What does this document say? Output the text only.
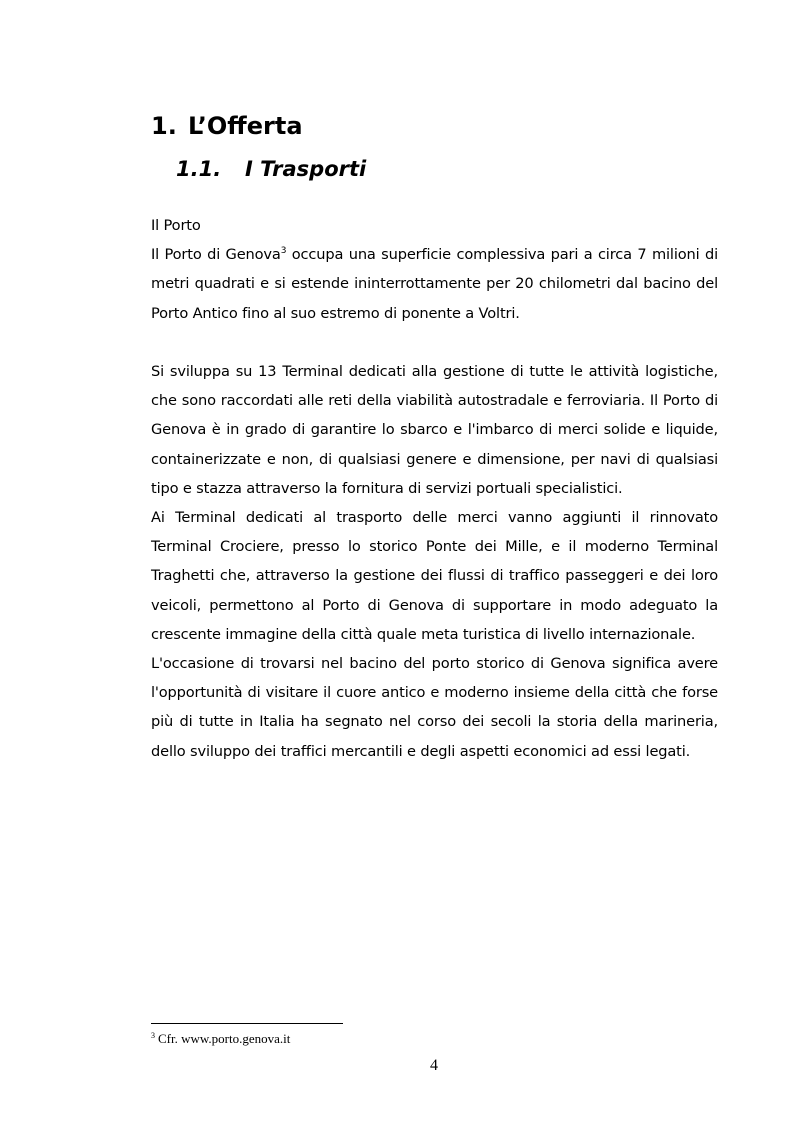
1. L’Offerta
1.1. I Trasporti

Il Porto

Il Porto di Genova$^3$ occupa una superficie complessiva pari a circa 7 milioni di metri quadrati e si estende ininterrottamente per 20 chilometri dal bacino del Porto Antico fino al suo estremo di ponente a Voltri.

Si sviluppa su 13 Terminal dedicati alla gestione di tutte le attività logistiche, che sono raccordati alle reti della viabilità autostradale e ferroviaria. Il Porto di Genova è in grado di garantire lo sbarco e l'imbarco di merci solide e liquide, containerizzate e non, di qualsiasi genere e dimensione, per navi di qualsiasi tipo e stazza attraverso la fornitura di servizi portuali specialistici.

Ai Terminal dedicati al trasporto delle merci vanno aggiunti il rinnovato Terminal Crociere, presso lo storico Ponte dei Mille, e il moderno Terminal Traghetti che, attraverso la gestione dei flussi di traffico passeggeri e dei loro veicoli, permettono al Porto di Genova di supportare in modo adeguato la crescente immagine della città quale meta turistica di livello internazionale.

L'occasione di trovarsi nel bacino del porto storico di Genova significa avere l'opportunità di visitare il cuore antico e moderno insieme della città che forse più di tutte in Italia ha segnato nel corso dei secoli la storia della marineria, dello sviluppo dei traffici mercantili e degli aspetti economici ad essi legati.

$^3$ Cfr. www.porto.genova.it
4
